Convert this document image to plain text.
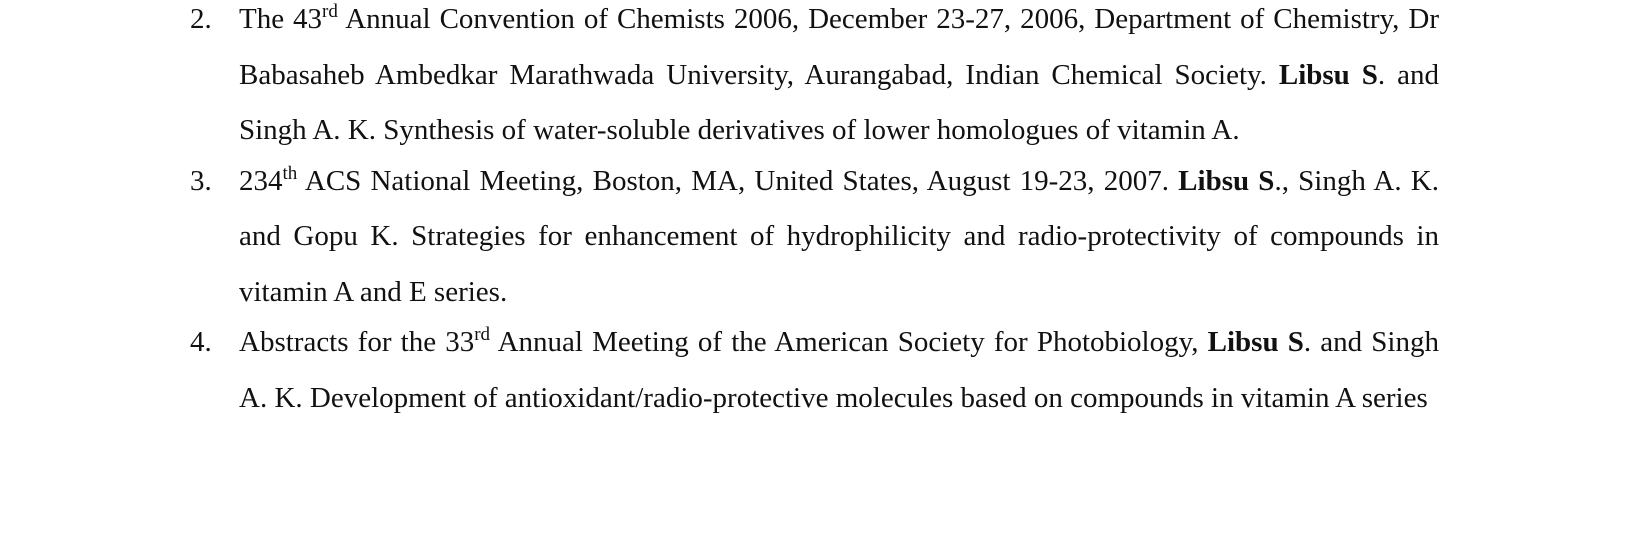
2. The 43rd Annual Convention of Chemists 2006, December 23-27, 2006, Department of Chemistry, Dr Babasaheb Ambedkar Marathwada University, Aurangabad, Indian Chemical Society. Libsu S. and Singh A. K. Synthesis of water-soluble derivatives of lower homologues of vitamin A.
3. 234th ACS National Meeting, Boston, MA, United States, August 19-23, 2007. Libsu S., Singh A. K. and Gopu K. Strategies for enhancement of hydrophilicity and radio-protectivity of compounds in vitamin A and E series.
4. Abstracts for the 33rd Annual Meeting of the American Society for Photobiology, Libsu S. and Singh A. K. Development of antioxidant/radio-protective molecules based on compounds in vitamin A series
